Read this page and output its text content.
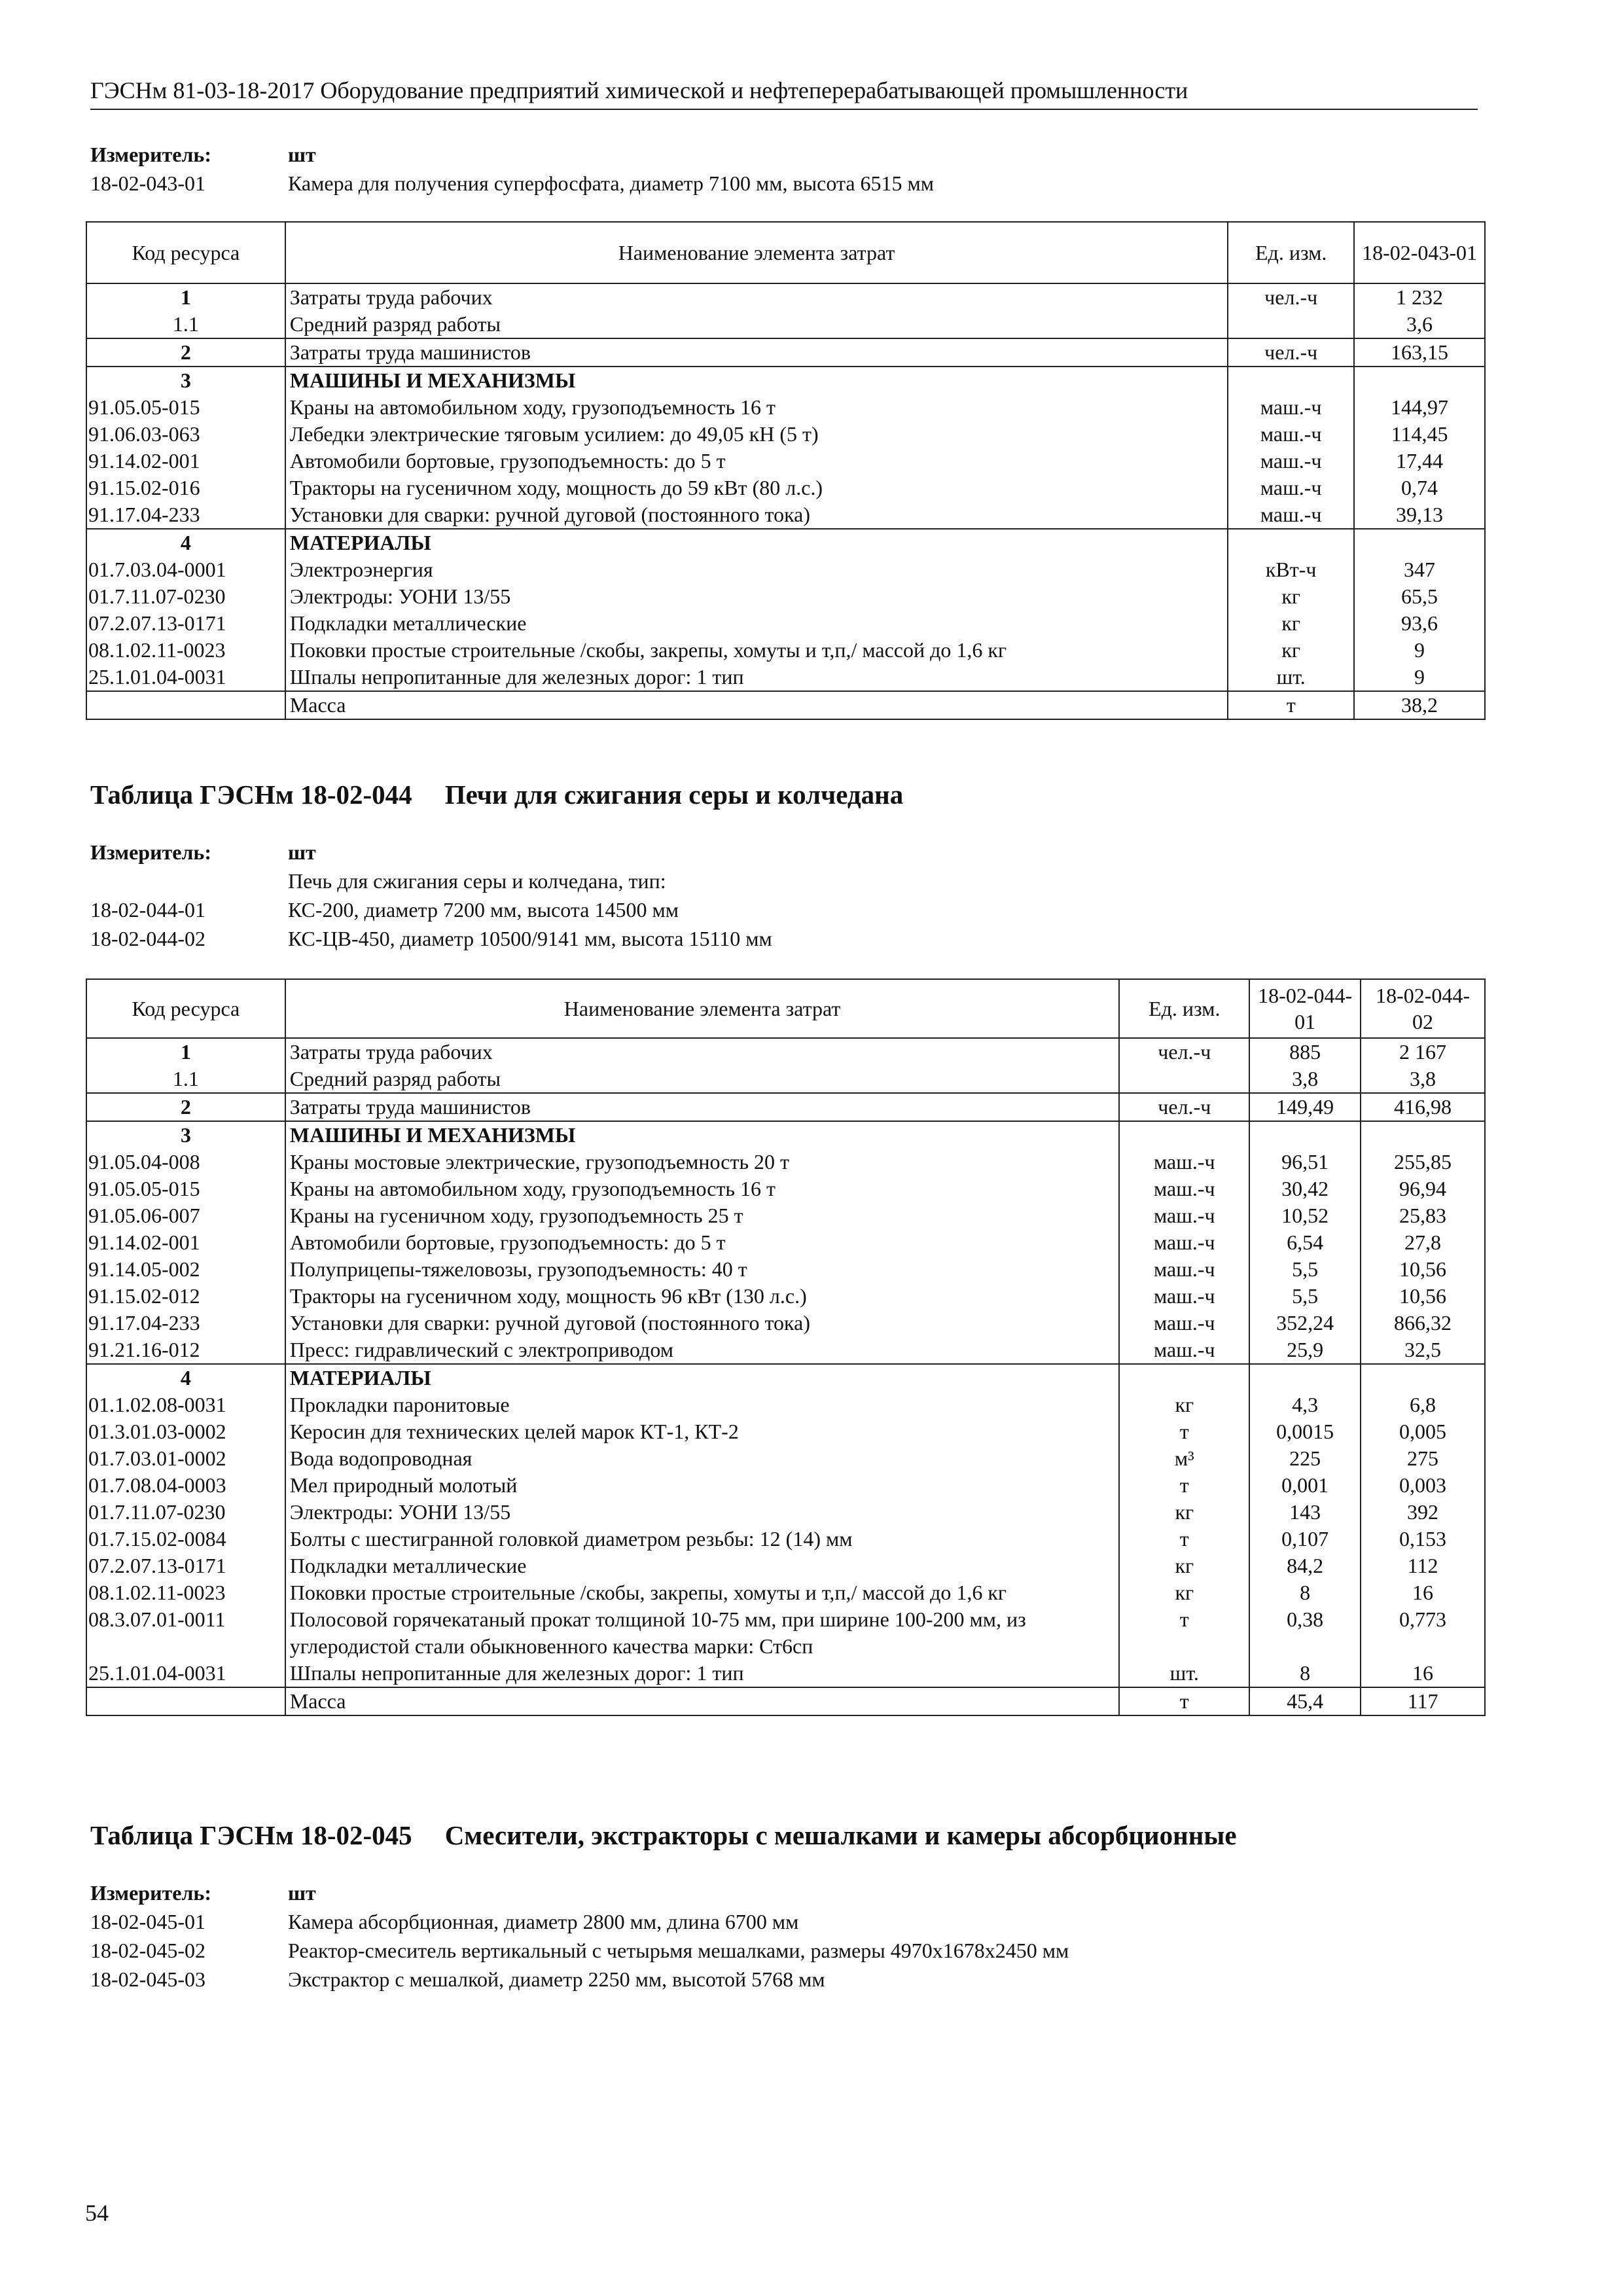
ГЭСНм 81-03-18-2017 Оборудование предприятий химической и нефтеперерабатывающей промышленности
Измеритель:	шт
18-02-043-01	Камера для получения суперфосфата, диаметр 7100 мм, высота 6515 мм
Код ресурса	Наименование элемента затрат	Ед. изм.	18-02-043-01
1	Затраты труда рабочих	чел.-ч	1 232
1.1	Средний разряд работы		3,6
2	Затраты труда машинистов	чел.-ч	163,15
3	МАШИНЫ И МЕХАНИЗМЫ		
91.05.05-015	Краны на автомобильном ходу, грузоподъемность 16 т	маш.-ч	144,97
91.06.03-063	Лебедки электрические тяговым усилием: до 49,05 кН (5 т)	маш.-ч	114,45
91.14.02-001	Автомобили бортовые, грузоподъемность: до 5 т	маш.-ч	17,44
91.15.02-016	Тракторы на гусеничном ходу, мощность до 59 кВт (80 л.с.)	маш.-ч	0,74
91.17.04-233	Установки для сварки: ручной дуговой (постоянного тока)	маш.-ч	39,13
4	МАТЕРИАЛЫ		
01.7.03.04-0001	Электроэнергия	кВт-ч	347
01.7.11.07-0230	Электроды: УОНИ 13/55	кг	65,5
07.2.07.13-0171	Подкладки металлические	кг	93,6
08.1.02.11-0023	Поковки простые строительные /скобы, закрепы, хомуты и т,п,/ массой до 1,6 кг	кг	9
25.1.01.04-0031	Шпалы непропитанные для железных дорог: 1 тип	шт.	9
	Масса	т	38,2
Таблица ГЭСНм 18-02-044 Печи для сжигания серы и колчедана
Измеритель:	шт
Печь для сжигания серы и колчедана, тип:
18-02-044-01	КС-200, диаметр 7200 мм, высота 14500 мм
18-02-044-02	КС-ЦВ-450, диаметр 10500/9141 мм, высота 15110 мм
Код ресурса	Наименование элемента затрат	Ед. изм.	18-02-044-01	18-02-044-02
1	Затраты труда рабочих	чел.-ч	885	2 167
1.1	Средний разряд работы		3,8	3,8
2	Затраты труда машинистов	чел.-ч	149,49	416,98
3	МАШИНЫ И МЕХАНИЗМЫ			
91.05.04-008	Краны мостовые электрические, грузоподъемность 20 т	маш.-ч	96,51	255,85
91.05.05-015	Краны на автомобильном ходу, грузоподъемность 16 т	маш.-ч	30,42	96,94
91.05.06-007	Краны на гусеничном ходу, грузоподъемность 25 т	маш.-ч	10,52	25,83
91.14.02-001	Автомобили бортовые, грузоподъемность: до 5 т	маш.-ч	6,54	27,8
91.14.05-002	Полуприцепы-тяжеловозы, грузоподъемность: 40 т	маш.-ч	5,5	10,56
91.15.02-012	Тракторы на гусеничном ходу, мощность 96 кВт (130 л.с.)	маш.-ч	5,5	10,56
91.17.04-233	Установки для сварки: ручной дуговой (постоянного тока)	маш.-ч	352,24	866,32
91.21.16-012	Пресс: гидравлический с электроприводом	маш.-ч	25,9	32,5
4	МАТЕРИАЛЫ			
01.1.02.08-0031	Прокладки паронитовые	кг	4,3	6,8
01.3.01.03-0002	Керосин для технических целей марок КТ-1, КТ-2	т	0,0015	0,005
01.7.03.01-0002	Вода водопроводная	м³	225	275
01.7.08.04-0003	Мел природный молотый	т	0,001	0,003
01.7.11.07-0230	Электроды: УОНИ 13/55	кг	143	392
01.7.15.02-0084	Болты с шестигранной головкой диаметром резьбы: 12 (14) мм	т	0,107	0,153
07.2.07.13-0171	Подкладки металлические	кг	84,2	112
08.1.02.11-0023	Поковки простые строительные /скобы, закрепы, хомуты и т,п,/ массой до 1,6 кг	кг	8	16
08.3.07.01-0011	Полосовой горячекатаный прокат толщиной 10-75 мм, при ширине 100-200 мм, из углеродистой стали обыкновенного качества марки: Ст6сп	т	0,38	0,773
25.1.01.04-0031	Шпалы непропитанные для железных дорог: 1 тип	шт.	8	16
	Масса	т	45,4	117
Таблица ГЭСНм 18-02-045 Смесители, экстракторы с мешалками и камеры абсорбционные
Измеритель:	шт
18-02-045-01	Камера абсорбционная, диаметр 2800 мм, длина 6700 мм
18-02-045-02	Реактор-смеситель вертикальный с четырьмя мешалками, размеры 4970х1678х2450 мм
18-02-045-03	Экстрактор с мешалкой, диаметр 2250 мм, высотой 5768 мм
54
